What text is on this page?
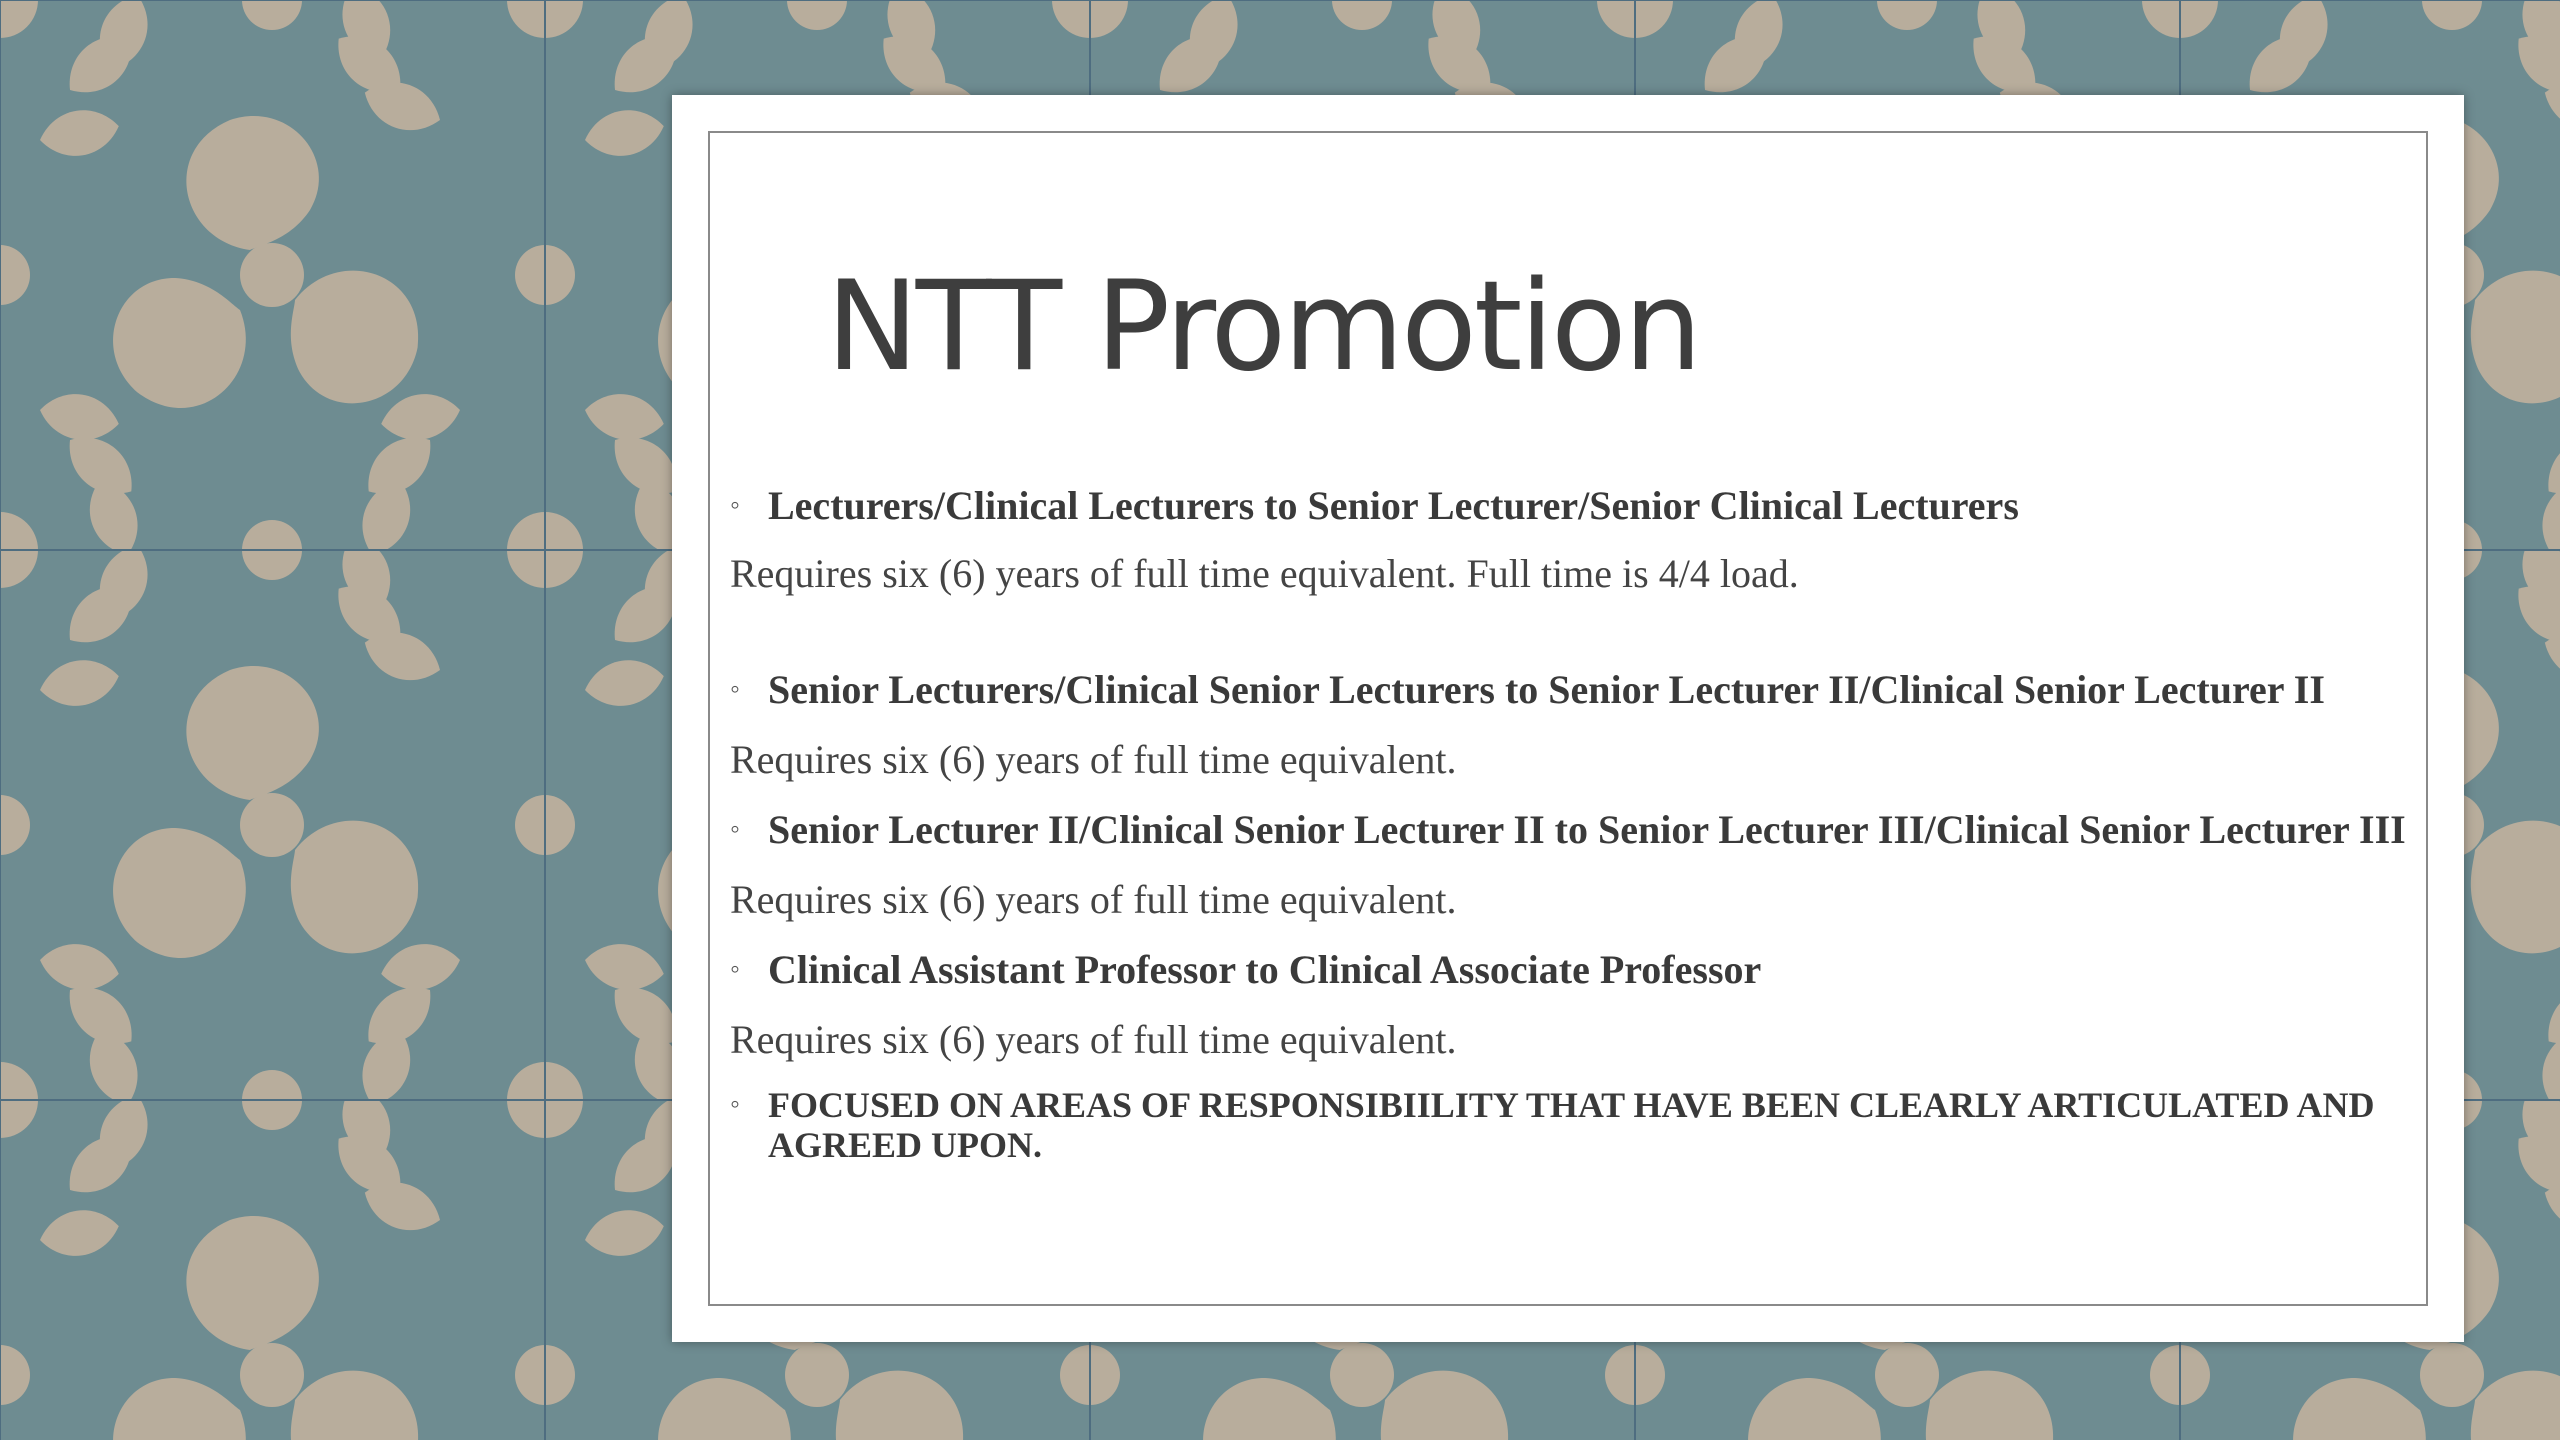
NTT Promotion
◦ Lecturers/Clinical Lecturers to Senior Lecturer/Senior Clinical Lecturers
Requires six (6) years of full time equivalent. Full time is 4/4 load.
◦ Senior Lecturers/Clinical Senior Lecturers to Senior Lecturer II/Clinical Senior Lecturer II
Requires six (6) years of full time equivalent.
◦ Senior Lecturer II/Clinical Senior Lecturer II to Senior Lecturer III/Clinical Senior Lecturer III
Requires six (6) years of full time equivalent.
◦ Clinical Assistant Professor to Clinical Associate Professor
Requires six (6) years of full time equivalent.
◦ FOCUSED ON AREAS OF RESPONSIBIILITY THAT HAVE BEEN CLEARLY ARTICULATED AND AGREED UPON.
